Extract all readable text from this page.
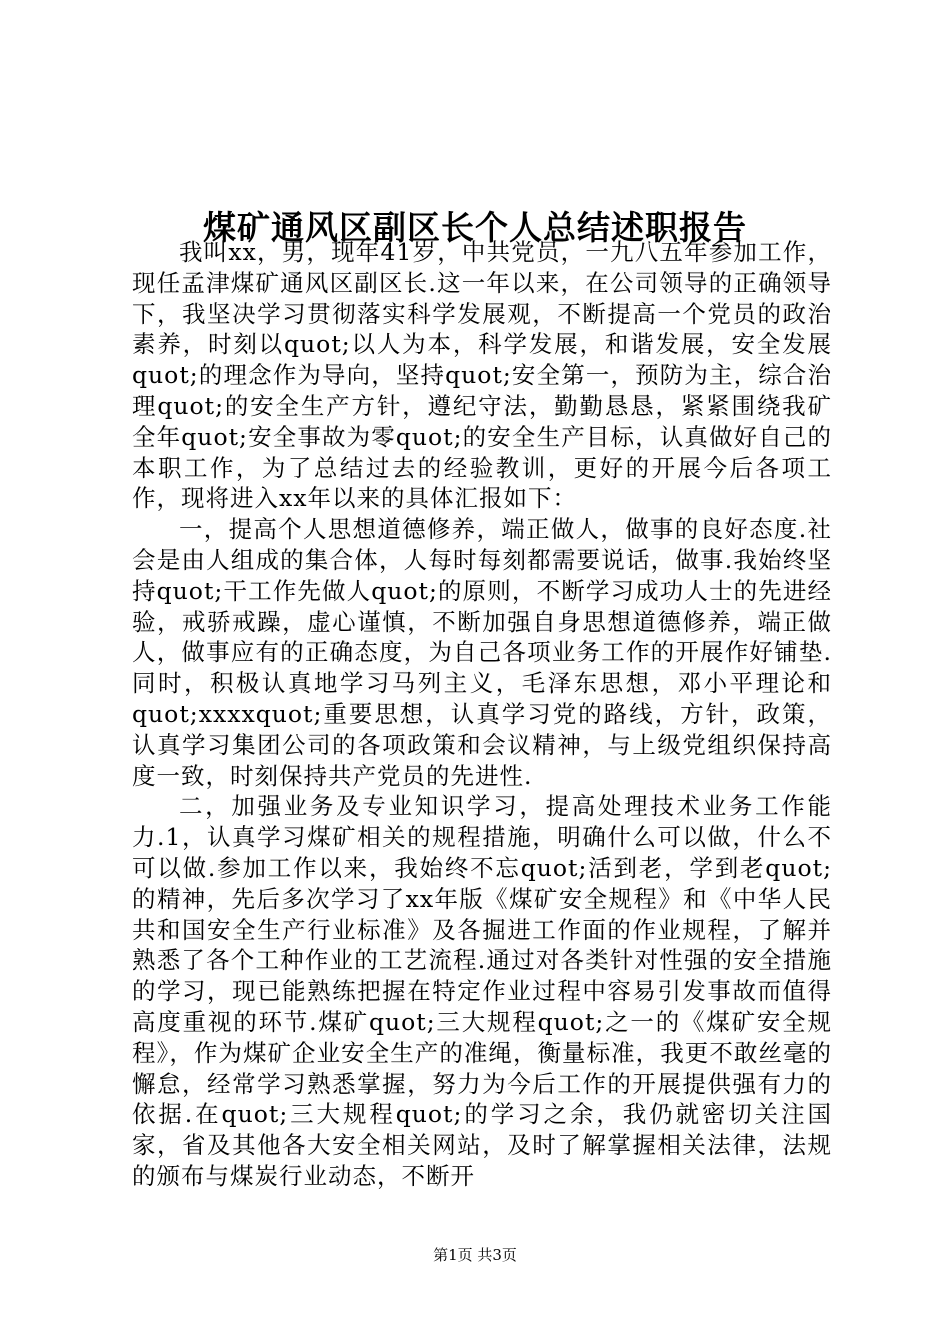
煤矿通风区副区长个人总结述职报告

我叫xx，男，现年41岁，中共党员，一九八五年参加工作，现任孟津煤矿通风区副区长.这一年以来，在公司领导的正确领导下，我坚决学习贯彻落实科学发展观，不断提高一个党员的政治素养，时刻以quot;以人为本，科学发展，和谐发展，安全发展quot;的理念作为导向，坚持quot;安全第一，预防为主，综合治理quot;的安全生产方针，遵纪守法，勤勤恳恳，紧紧围绕我矿全年quot;安全事故为零quot;的安全生产目标，认真做好自己的本职工作，为了总结过去的经验教训，更好的开展今后各项工作，现将进入xx年以来的具体汇报如下：

一，提高个人思想道德修养，端正做人，做事的良好态度.社会是由人组成的集合体，人每时每刻都需要说话，做事.我始终坚持quot;干工作先做人quot;的原则，不断学习成功人士的先进经验，戒骄戒躁，虚心谨慎，不断加强自身思想道德修养，端正做人，做事应有的正确态度，为自己各项业务工作的开展作好铺垫.同时，积极认真地学习马列主义，毛泽东思想，邓小平理论和quot;xxxxquot;重要思想，认真学习党的路线，方针，政策，认真学习集团公司的各项政策和会议精神，与上级党组织保持高度一致，时刻保持共产党员的先进性.

二，加强业务及专业知识学习，提高处理技术业务工作能力.1，认真学习煤矿相关的规程措施，明确什么可以做，什么不可以做.参加工作以来，我始终不忘quot;活到老，学到老quot;的精神，先后多次学习了xx年版《煤矿安全规程》和《中华人民共和国安全生产行业标准》及各掘进工作面的作业规程，了解并熟悉了各个工种作业的工艺流程.通过对各类针对性强的安全措施的学习，现已能熟练把握在特定作业过程中容易引发事故而值得高度重视的环节.煤矿quot;三大规程quot;之一的《煤矿安全规程》，作为煤矿企业安全生产的准绳，衡量标准，我更不敢丝毫的懈怠，经常学习熟悉掌握，努力为今后工作的开展提供强有力的依据.在quot;三大规程quot;的学习之余，我仍就密切关注国家，省及其他各大安全相关网站，及时了解掌握相关法律，法规的颁布与煤炭行业动态，不断开

第1页 共3页
